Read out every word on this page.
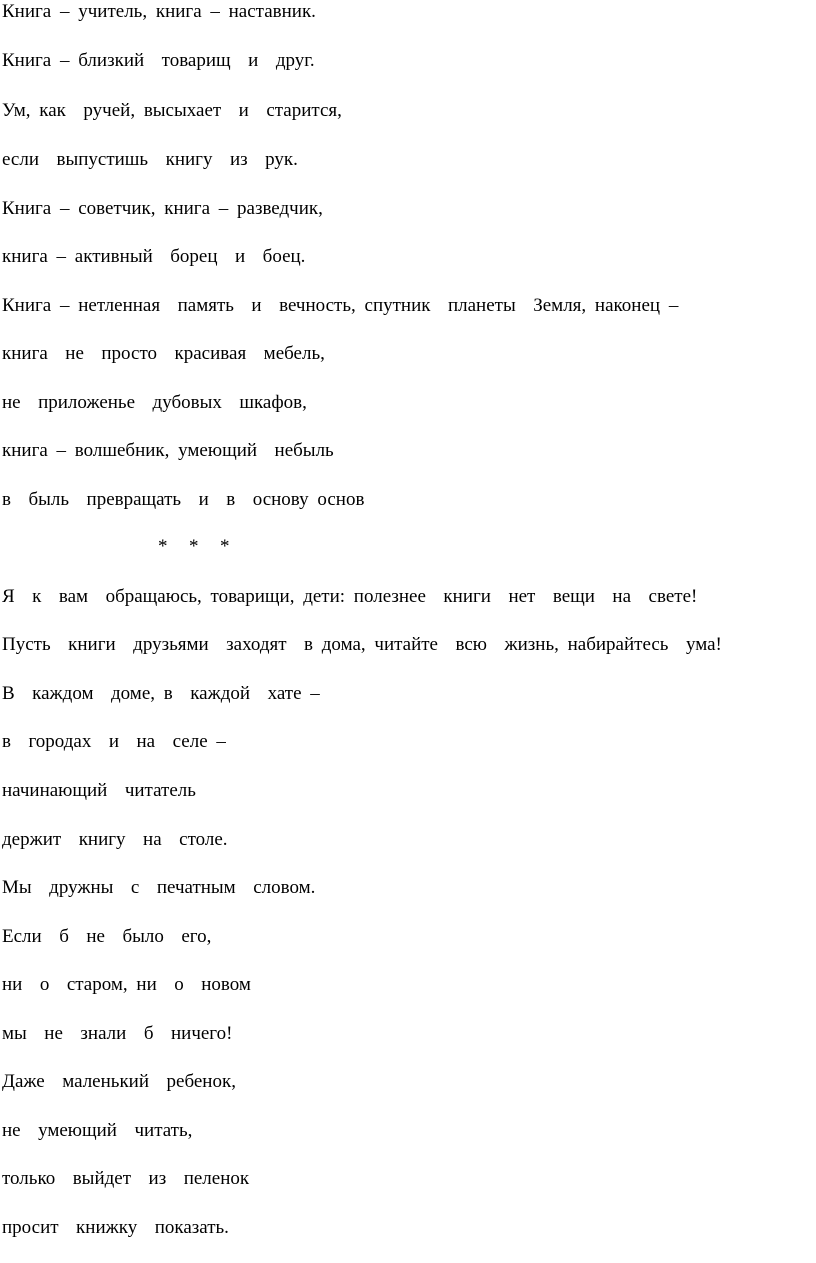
Книга – учитель, книга – наставник.

Книга – близкий  товарищ  и  друг.

Ум, как  ручей, высыхает  и  старится,

если  выпустишь  книгу  из  рук.

Книга – советчик, книга – разведчик,

книга – активный  борец  и  боец.

Книга – нетленная  память  и  вечность, спутник  планеты  Земля, наконец –

книга  не  просто  красивая  мебель,

не  приложенье  дубовых  шкафов,

книга – волшебник, умеющий  небыль

в  быль  превращать  и  в  основу основ

*  *  *

Я  к  вам  обращаюсь, товарищи, дети: полезнее  книги  нет  вещи  на  свете!

Пусть  книги  друзьями  заходят  в дома, читайте  всю  жизнь, набирайтесь  ума!

В  каждом  доме, в  каждой  хате –

в  городах  и  на  селе –

начинающий  читатель

держит  книгу  на  столе.

Мы  дружны  с  печатным  словом.

Если  б  не  было  его,

ни  о  старом, ни  о  новом

мы  не  знали  б  ничего!

Даже  маленький  ребенок,

не  умеющий  читать,

только  выйдет  из  пеленок

просит  книжку  показать.
